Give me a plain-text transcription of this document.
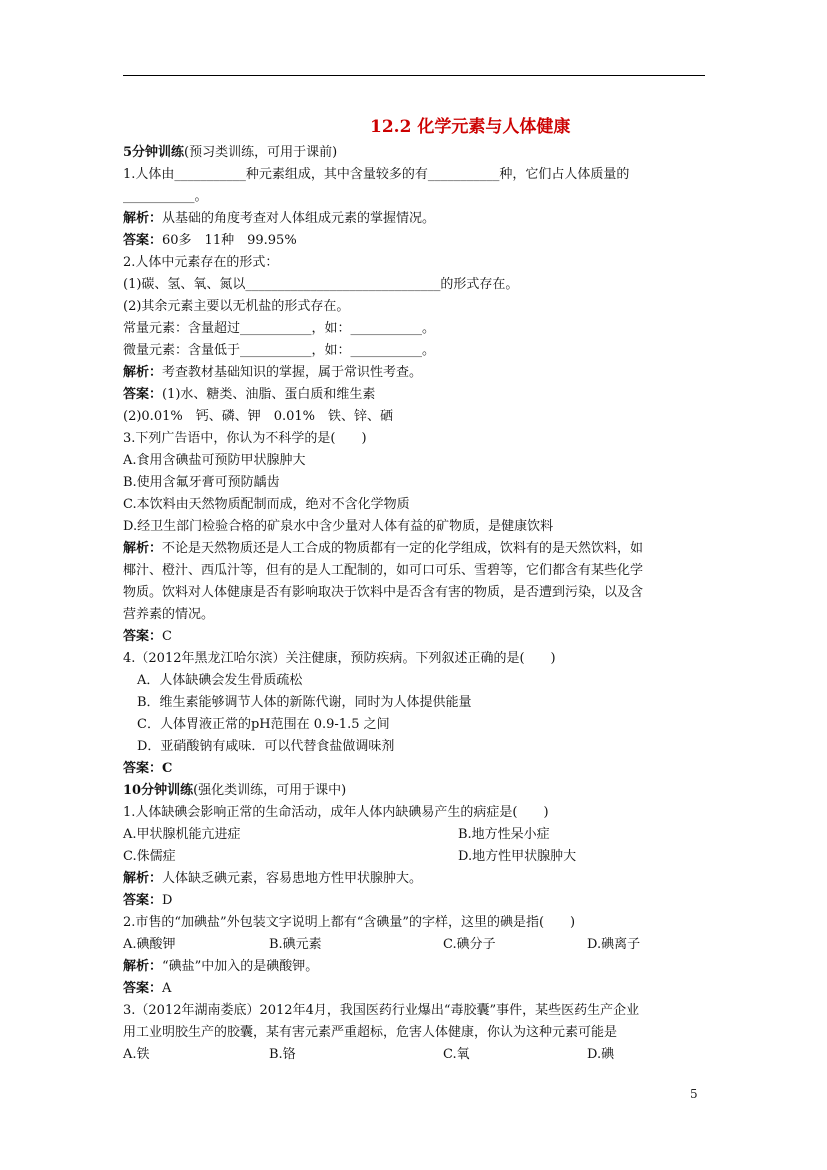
12.2 化学元素与人体健康
5分钟训练(预习类训练，可用于课前)
1.人体由___________种元素组成，其中含量较多的有___________种，它们占人体质量的
___________。
解析：从基础的角度考查对人体组成元素的掌握情况。
答案：60多　11种　99.95%
2.人体中元素存在的形式：
(1)碳、氢、氧、氮以______________________________的形式存在。
(2)其余元素主要以无机盐的形式存在。
常量元素：含量超过___________，如：___________。
微量元素：含量低于___________，如：___________。
解析：考查教材基础知识的掌握，属于常识性考查。
答案：(1)水、糖类、油脂、蛋白质和维生素
(2)0.01%　钙、磷、钾　0.01%　铁、锌、硒
3.下列广告语中，你认为不科学的是(　　)
A.食用含碘盐可预防甲状腺肿大
B.使用含氟牙膏可预防龋齿
C.本饮料由天然物质配制而成，绝对不含化学物质
D.经卫生部门检验合格的矿泉水中含少量对人体有益的矿物质，是健康饮料
解析：不论是天然物质还是人工合成的物质都有一定的化学组成，饮料有的是天然饮料，如
椰汁、橙汁、西瓜汁等，但有的是人工配制的，如可口可乐、雪碧等，它们都含有某些化学
物质。饮料对人体健康是否有影响取决于饮料中是否含有害的物质，是否遭到污染，以及含
营养素的情况。
答案：C
4.（2012年黑龙江哈尔滨）关注健康，预防疾病。下列叙述正确的是(　　)
A．人体缺碘会发生骨质疏松
B．维生素能够调节人体的新陈代谢，同时为人体提供能量
C．人体胃液正常的pH范围在 0.9-1.5 之间
D．亚硝酸钠有咸味．可以代替食盐做调味剂
答案：C
10分钟训练(强化类训练，可用于课中)
1.人体缺碘会影响正常的生命活动，成年人体内缺碘易产生的病症是(　　)
A.甲状腺机能亢进症	B.地方性呆小症
C.侏儒症	D.地方性甲状腺肿大
解析：人体缺乏碘元素，容易患地方性甲状腺肿大。
答案：D
2.市售的“加碘盐”外包装文字说明上都有“含碘量”的字样，这里的碘是指(　　)
A.碘酸钾	B.碘元素	C.碘分子	D.碘离子
解析：“碘盐”中加入的是碘酸钾。
答案：A
3.（2012年湖南娄底）2012年4月，我国医药行业爆出“毒胶囊”事件，某些医药生产企业
用工业明胶生产的胶囊，某有害元素严重超标，危害人体健康，你认为这种元素可能是
A.铁	B.铬	C.氧	D.碘
5
